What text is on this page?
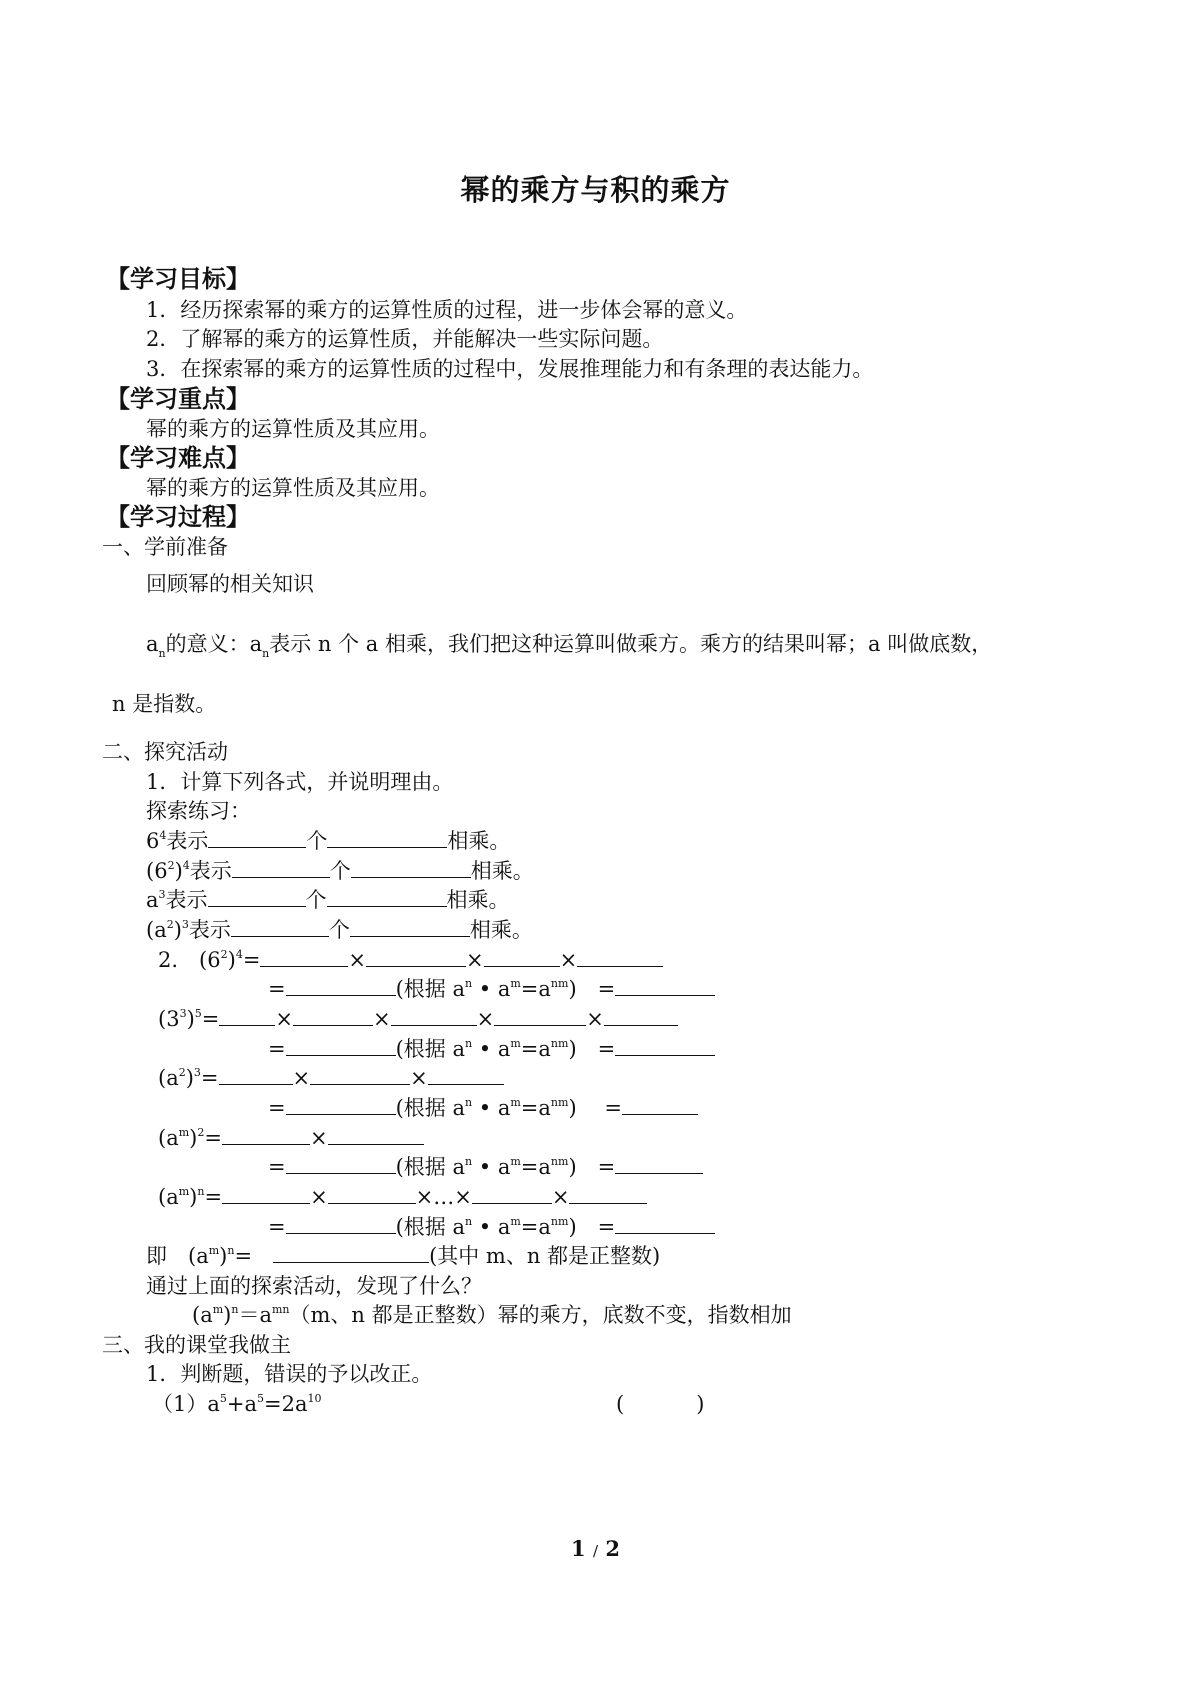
幂的乘方与积的乘方
【学习目标】
1．经历探索幂的乘方的运算性质的过程，进一步体会幂的意义。
2．了解幂的乘方的运算性质，并能解决一些实际问题。
3．在探索幂的乘方的运算性质的过程中，发展推理能力和有条理的表达能力。
【学习重点】
幂的乘方的运算性质及其应用。
【学习难点】
幂的乘方的运算性质及其应用。
【学习过程】
一、学前准备
回顾幂的相关知识
$a_n$的意义：$a_n$表示 n 个 a 相乘，我们把这种运算叫做乘方。乘方的结果叫幂；a 叫做底数，
n 是指数。
二、探究活动
1．计算下列各式，并说明理由。
探索练习：
$6^4$表示	个	相乘。
$(6^2)^4$表示	个	相乘。
$a^3$表示	个	相乘。
$(a^2)^3$表示	个	相乘。
2.　$(6^2)^4=$	×	×	×
=	(根据 $a^n$ • $a^m=a^{nm}$)　 =
$(3^3)^5=$	×	×	×	×
=	(根据 $a^n$ • $a^m=a^{nm}$)　 =
$(a^2)^3=$	×	×
=	(根据 $a^n$ • $a^m=a^{nm}$)　 =
$(a^m)^2=$	×
=	(根据 $a^n$ • $a^m=a^{nm}$)　 =
$(a^m)^n=$	×	×…×	×
=	(根据 $a^n$ • $a^m=a^{nm}$)　 =
即　$(a^m)^n=$　	(其中 m、n 都是正整数)
通过上面的探索活动，发现了什么？
$(a^m)^n=a^{mn}(m$、n 都是正整数）幂的乘方，底数不变，指数相加
三、我的课堂我做主
1．判断题，错误的予以改正。
$(1)a^5+a^5=2a^{10}$	(	)
1 / 2
